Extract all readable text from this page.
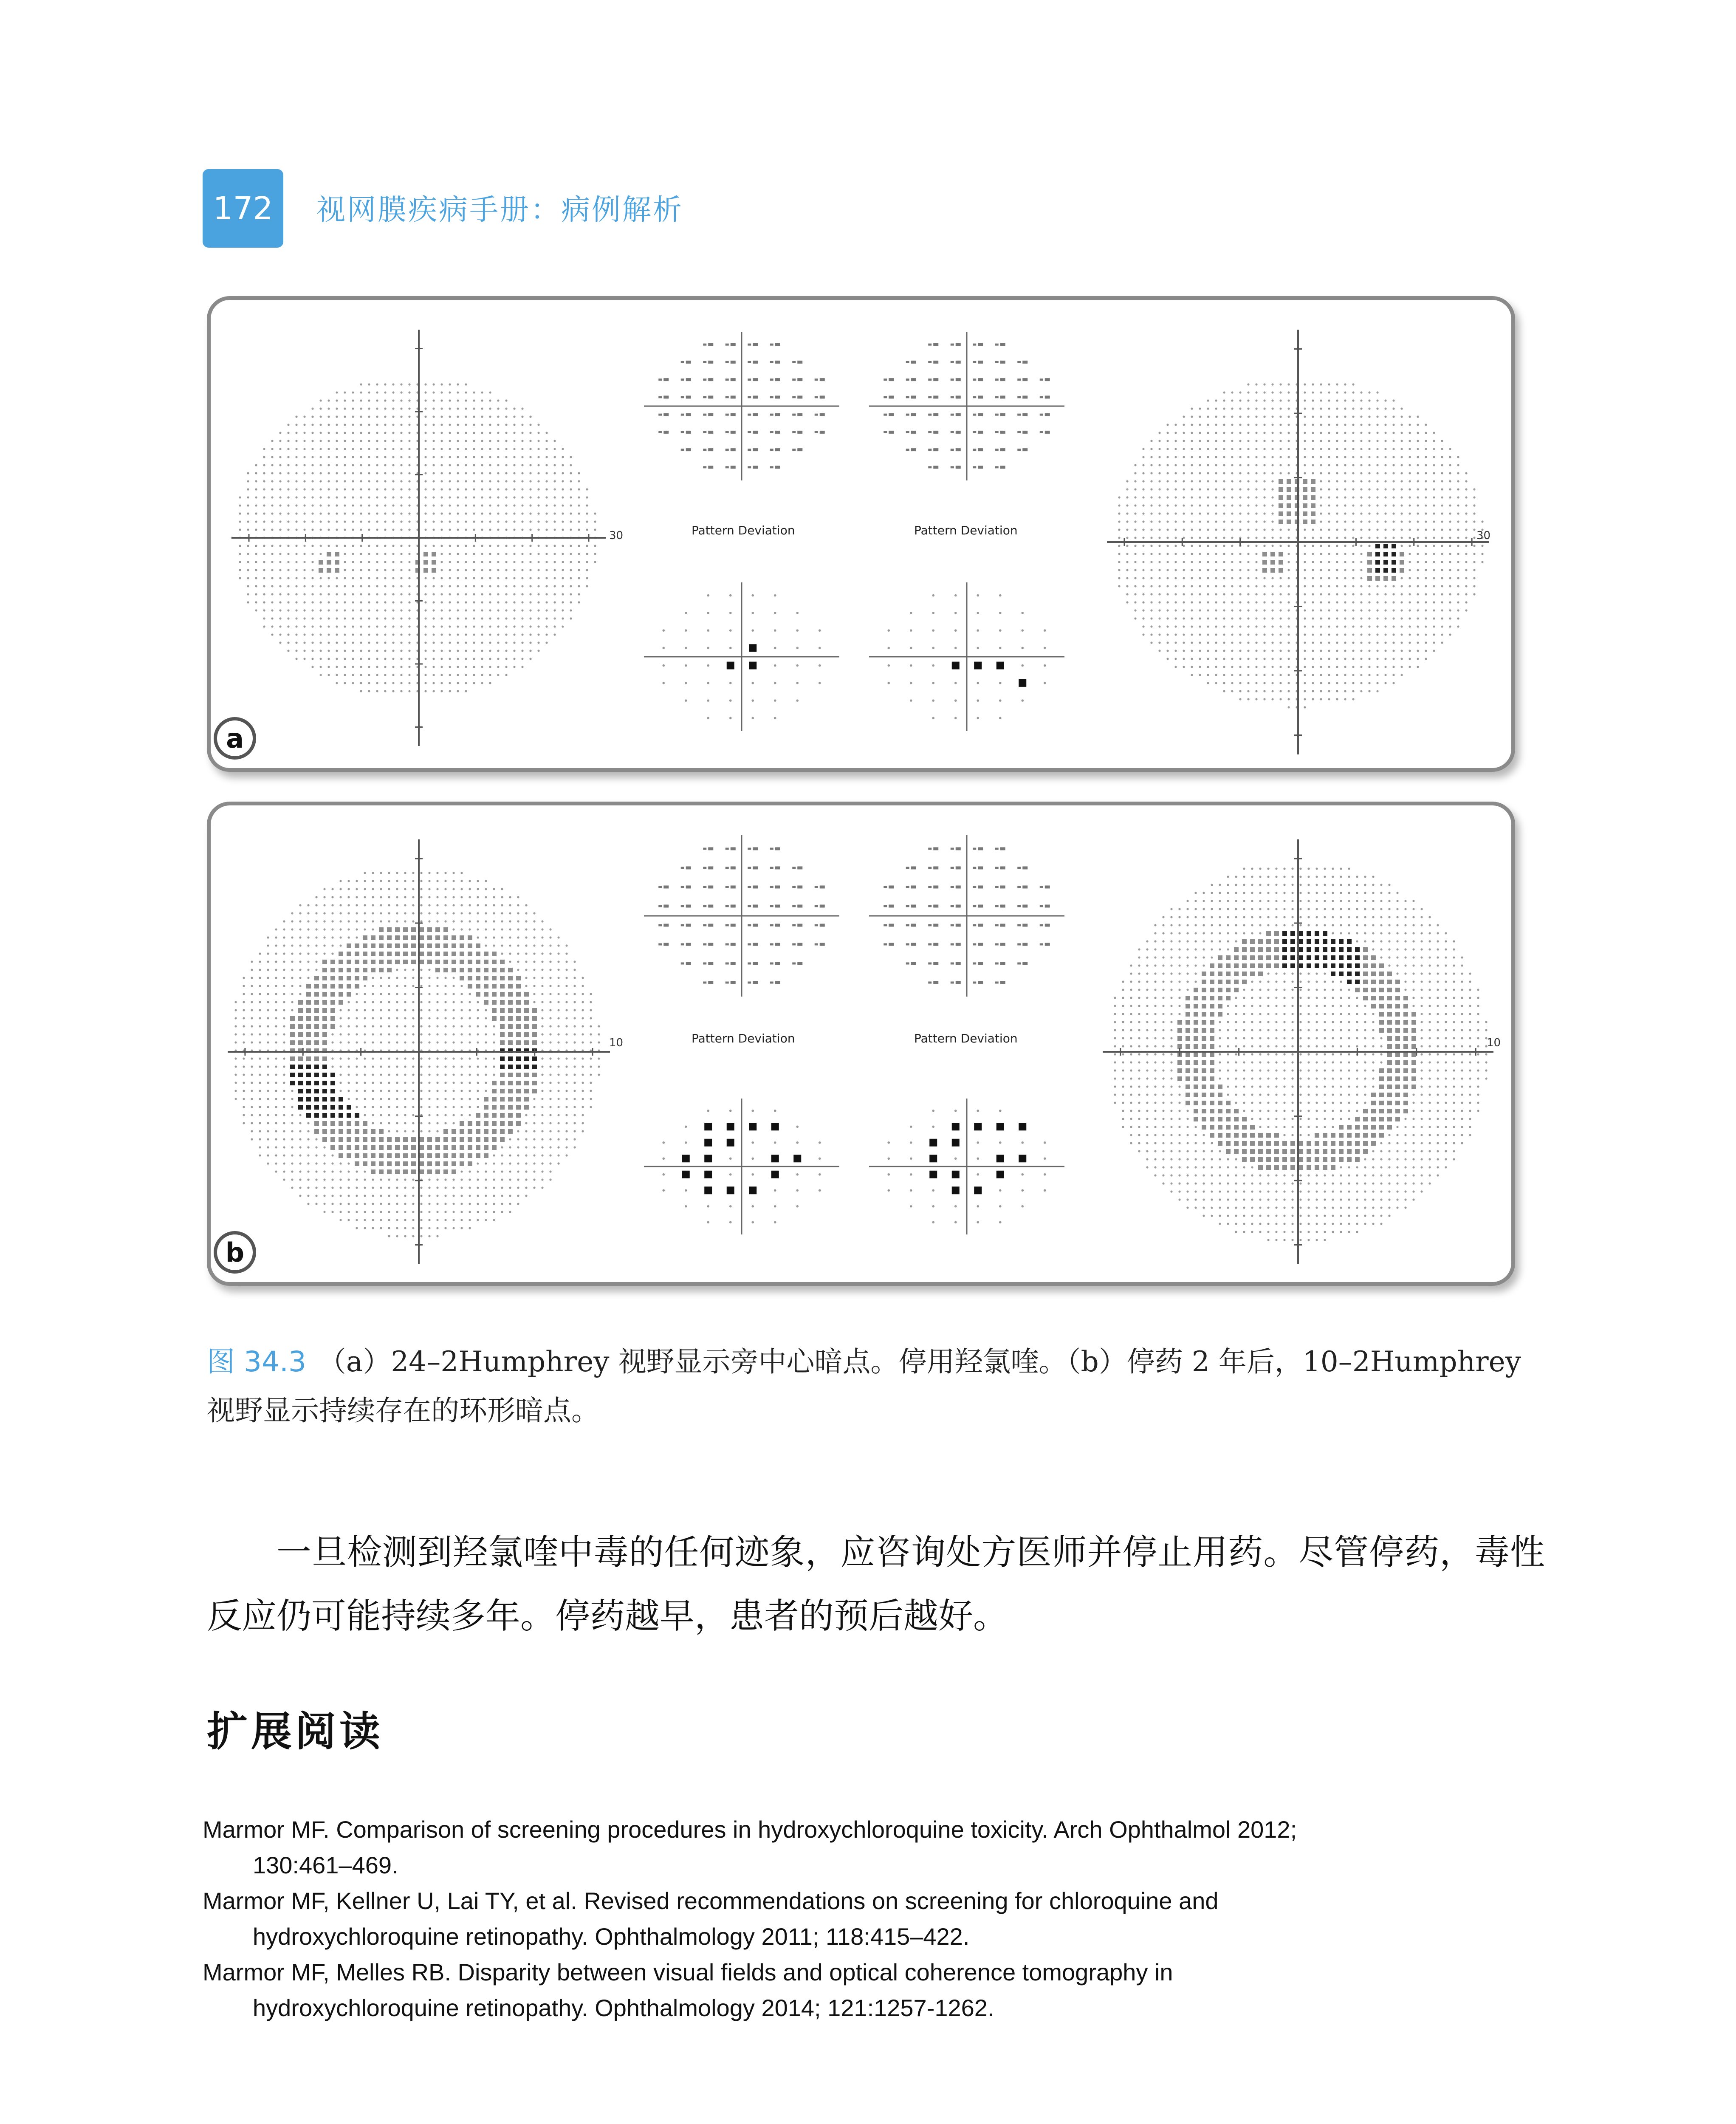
172	视网膜疾病手册：病例解析
a
30	30
Pattern Deviation	Pattern Deviation
b
10	10
Pattern Deviation	Pattern Deviation
图 34.3 （a）24–2Humphrey 视野显示旁中心暗点。停用羟氯喹。（b）停药 2 年后，10–2Humphrey 视野显示持续存在的环形暗点。
一旦检测到羟氯喹中毒的任何迹象，应咨询处方医师并停止用药。尽管停药，毒性反应仍可能持续多年。停药越早，患者的预后越好。
扩展阅读
Marmor MF. Comparison of screening procedures in hydroxychloroquine toxicity. Arch Ophthalmol 2012;
130:461–469.
Marmor MF, Kellner U, Lai TY, et al. Revised recommendations on screening for chloroquine and
hydroxychloroquine retinopathy. Ophthalmology 2011; 118:415–422.
Marmor MF, Melles RB. Disparity between visual fields and optical coherence tomography in
hydroxychloroquine retinopathy. Ophthalmology 2014; 121:1257-1262.
